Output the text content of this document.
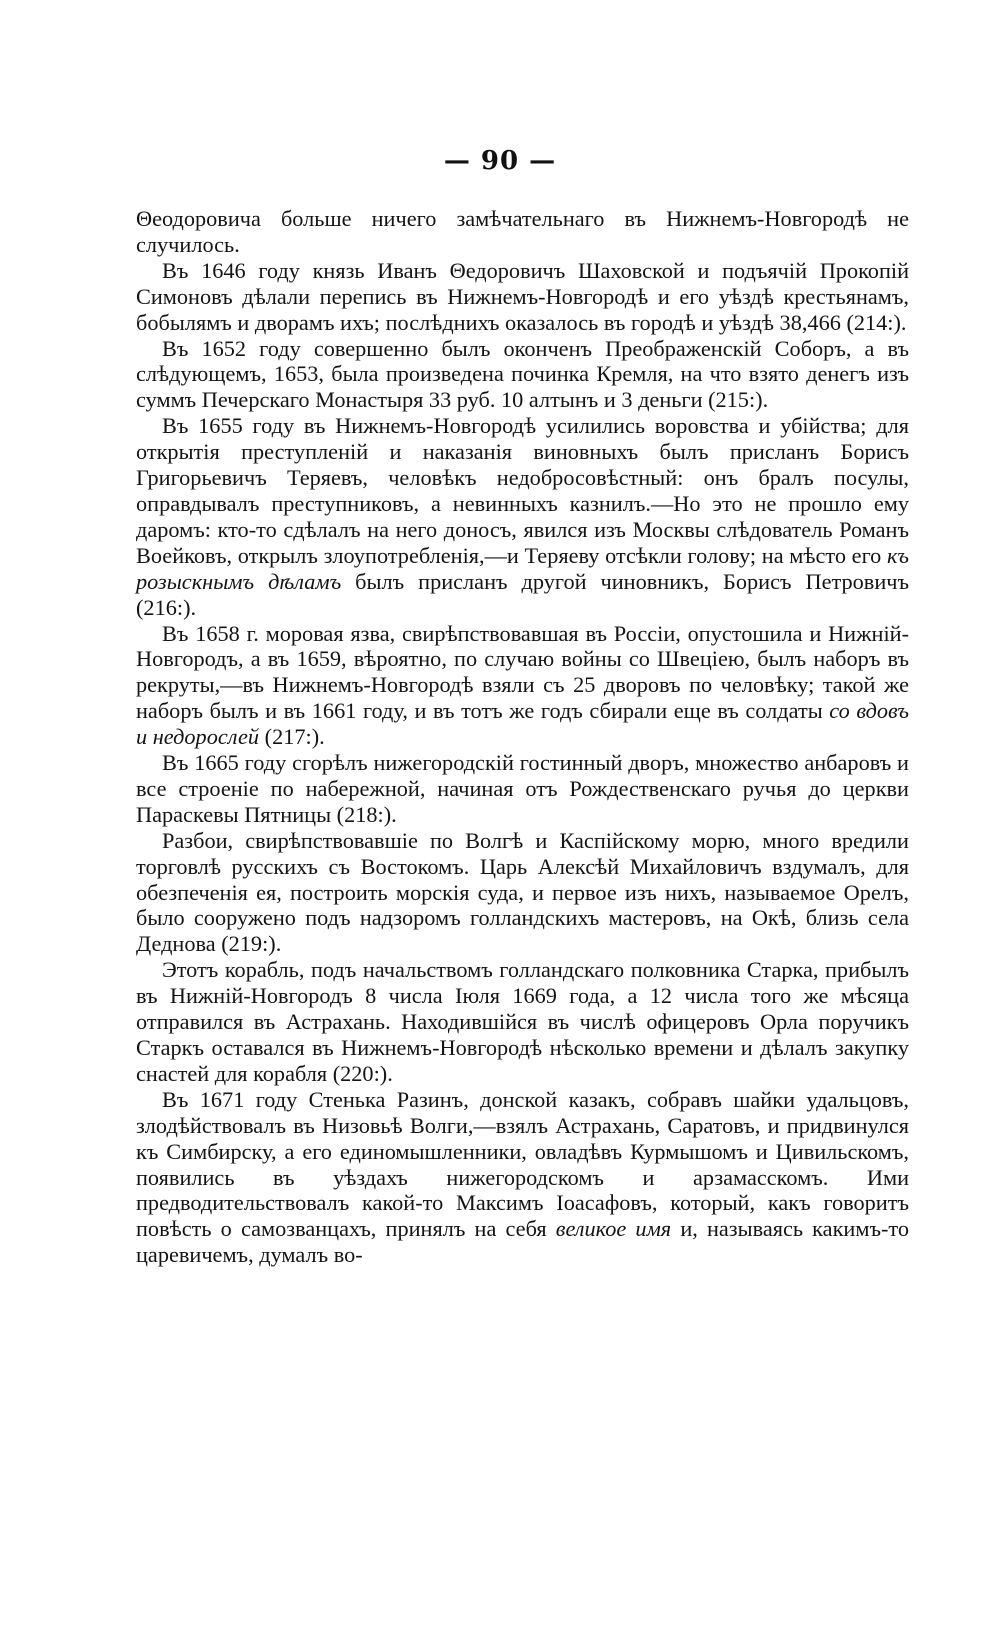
— 90 —

Θеодоровича больше ничего замѣчательнаго въ Нижнемъ-Новгородѣ не случилось.

Въ 1646 году князь Иванъ Θедоровичъ Шаховской и подъячій Прокопій Симоновъ дѣлали перепись въ Нижнемъ-Новгородѣ и его уѣздѣ крестьянамъ, бобылямъ и дворамъ ихъ; послѣднихъ оказалось въ городѣ и уѣздѣ 38,466 (214:).

Въ 1652 году совершенно былъ оконченъ Преображенскій Соборъ, а въ слѣдующемъ, 1653, была произведена починка Кремля, на что взято денегъ изъ суммъ Печерскаго Монастыря 33 руб. 10 алтынъ и 3 деньги (215:).

Въ 1655 году въ Нижнемъ-Новгородѣ усилились воровства и убійства; для открытія преступленій и наказанія виновныхъ былъ присланъ Борисъ Григорьевичъ Теряевъ, человѣкъ недобросовѣстный: онъ бралъ посулы, оправдывалъ преступниковъ, а невинныхъ казнилъ.—Но это не прошло ему даромъ: кто-то сдѣлалъ на него доносъ, явился изъ Москвы слѣдователь Романъ Воейковъ, открылъ злоупотребленія,—и Теряеву отсѣкли голову; на мѣсто его къ розыскнымъ дѣламъ былъ присланъ другой чиновникъ, Борисъ Петровичъ (216:).

Въ 1658 г. моровая язва, свирѣпствовавшая въ Россіи, опустошила и Нижній-Новгородъ, а въ 1659, вѣроятно, по случаю войны со Швеціею, былъ наборъ въ рекруты,—въ Нижнемъ-Новгородѣ взяли съ 25 дворовъ по человѣку; такой же наборъ былъ и въ 1661 году, и въ тотъ же годъ сбирали еще въ солдаты со вдовъ и недорослей (217:).

Въ 1665 году сгорѣлъ нижегородскій гостинный дворъ, множество анбаровъ и все строеніе по набережной, начиная отъ Рождественскаго ручья до церкви Параскевы Пятницы (218:).

Разбои, свирѣпствовавшіе по Волгѣ и Каспійскому морю, много вредили торговлѣ русскихъ съ Востокомъ. Царь Алексѣй Михайловичъ вздумалъ, для обезпеченія ея, построить морскія суда, и первое изъ нихъ, называемое Орелъ, было сооружено подъ надзоромъ голландскихъ мастеровъ, на Окѣ, близь села Деднова (219:).

Этотъ корабль, подъ начальствомъ голландскаго полковника Старка, прибылъ въ Нижній-Новгородъ 8 числа Іюля 1669 года, а 12 числа того же мѣсяца отправился въ Астрахань. Находившійся въ числѣ офицеровъ Орла поручикъ Старкъ оставался въ Нижнемъ-Новгородѣ нѣсколько времени и дѣлалъ закупку снастей для корабля (220:).

Въ 1671 году Стенька Разинъ, донской казакъ, собравъ шайки удальцовъ, злодѣйствовалъ въ Низовьѣ Волги,—взялъ Астрахань, Саратовъ, и придвинулся къ Симбирску, а его единомышленники, овладѣвъ Курмышомъ и Цивильскомъ, появились въ уѣздахъ нижегородскомъ и арзамасскомъ. Ими предводительствовалъ какой-то Максимъ Іоасафовъ, который, какъ говоритъ повѣсть о самозванцахъ, принялъ на себя великое имя и, называясь какимъ-то царевичемъ, думалъ во-
